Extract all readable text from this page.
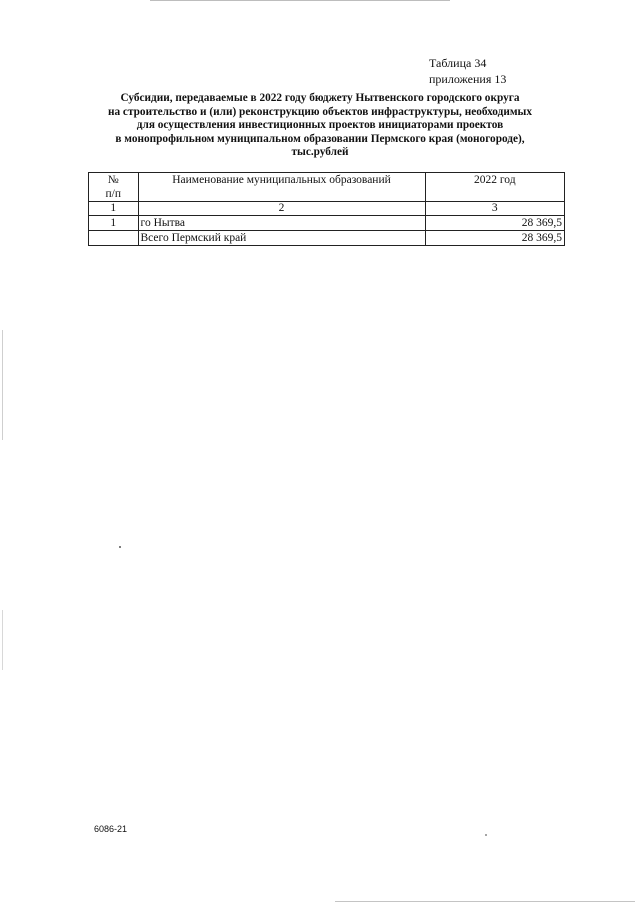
Таблица 34
приложения 13
Субсидии, передаваемые в 2022 году бюджету Нытвенского городского округа
на строительство и (или) реконструкцию объектов инфраструктуры, необходимых
для осуществления инвестиционных проектов инициаторами проектов
в монопрофильном муниципальном образовании Пермского края (моногороде),
тыс.рублей
№
п/п	Наименование муниципальных образований	2022 год
1	2	3
1	го Нытва	28 369,5
	Всего Пермский край	28 369,5
6086-21
